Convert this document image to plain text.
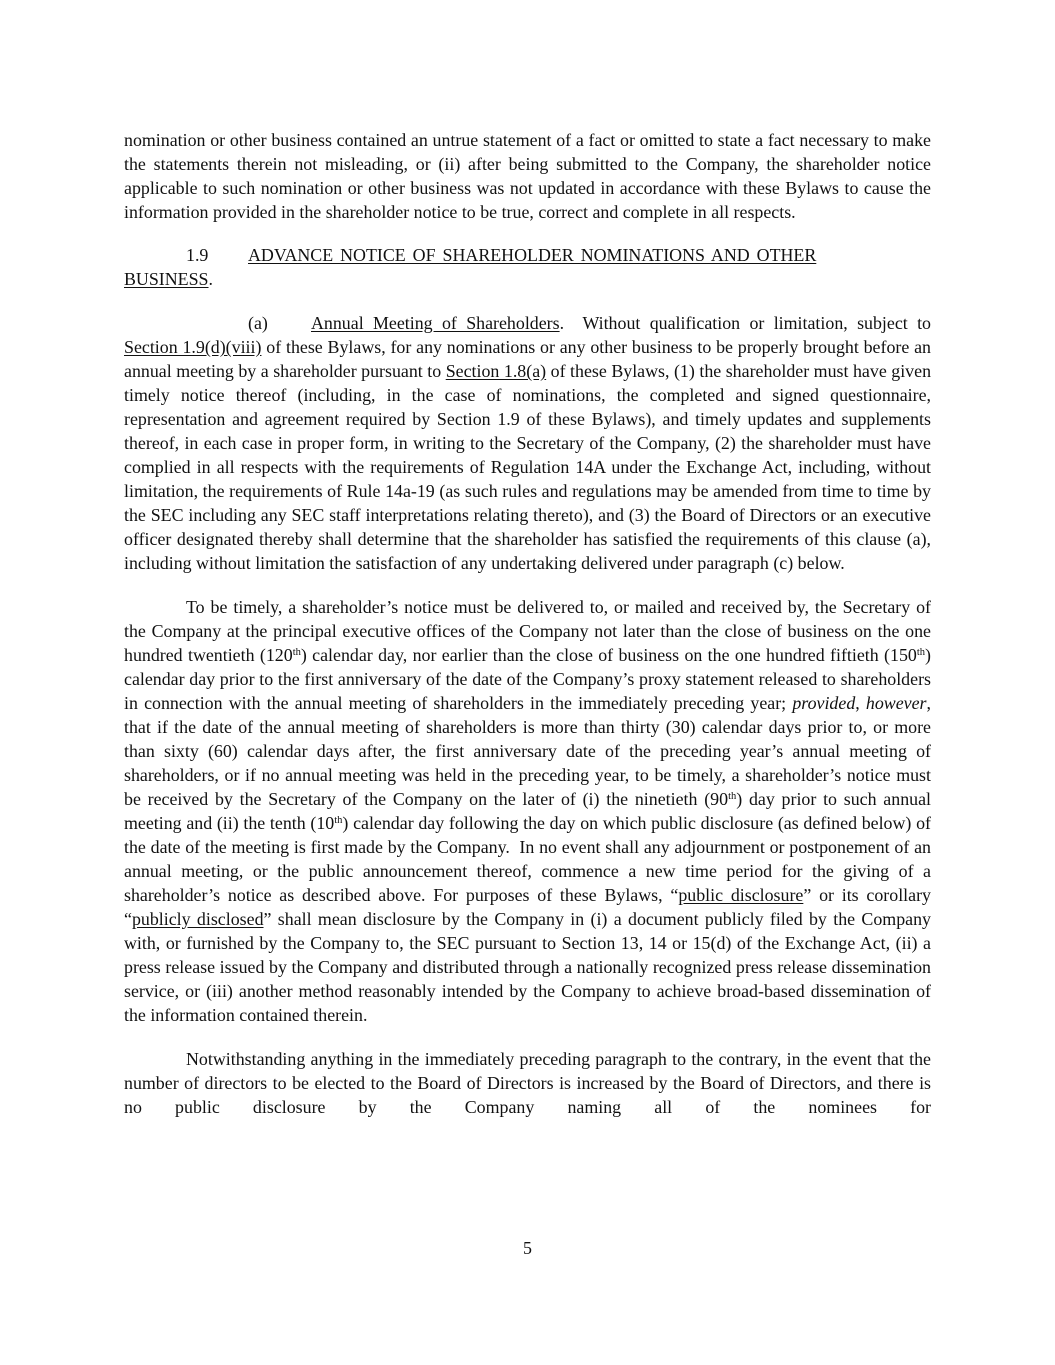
nomination or other business contained an untrue statement of a fact or omitted to state a fact necessary to make the statements therein not misleading, or (ii) after being submitted to the Company, the shareholder notice applicable to such nomination or other business was not updated in accordance with these Bylaws to cause the information provided in the shareholder notice to be true, correct and complete in all respects.

1.9 ADVANCE NOTICE OF SHAREHOLDER NOMINATIONS AND OTHER
BUSINESS.

(a) Annual Meeting of Shareholders.  Without qualification or limitation, subject to Section 1.9(d)(viii) of these Bylaws, for any nominations or any other business to be properly brought before an annual meeting by a shareholder pursuant to Section 1.8(a) of these Bylaws, (1) the shareholder must have given timely notice thereof (including, in the case of nominations, the completed and signed questionnaire, representation and agreement required by Section 1.9 of these Bylaws), and timely updates and supplements thereof, in each case in proper form, in writing to the Secretary of the Company, (2) the shareholder must have complied in all respects with the requirements of Regulation 14A under the Exchange Act, including, without limitation, the requirements of Rule 14a-19 (as such rules and regulations may be amended from time to time by the SEC including any SEC staff interpretations relating thereto), and (3) the Board of Directors or an executive officer designated thereby shall determine that the shareholder has satisfied the requirements of this clause (a), including without limitation the satisfaction of any undertaking delivered under paragraph (c) below.

To be timely, a shareholder’s notice must be delivered to, or mailed and received by, the Secretary of the Company at the principal executive offices of the Company not later than the close of business on the one hundred twentieth (120th) calendar day, nor earlier than the close of business on the one hundred fiftieth (150th) calendar day prior to the first anniversary of the date of the Company’s proxy statement released to shareholders in connection with the annual meeting of shareholders in the immediately preceding year; provided, however, that if the date of the annual meeting of shareholders is more than thirty (30) calendar days prior to, or more than sixty (60) calendar days after, the first anniversary date of the preceding year’s annual meeting of shareholders, or if no annual meeting was held in the preceding year, to be timely, a shareholder’s notice must be received by the Secretary of the Company on the later of (i) the ninetieth (90th) day prior to such annual meeting and (ii) the tenth (10th) calendar day following the day on which public disclosure (as defined below) of the date of the meeting is first made by the Company.  In no event shall any adjournment or postponement of an annual meeting, or the public announcement thereof, commence a new time period for the giving of a shareholder’s notice as described above. For purposes of these Bylaws, “public disclosure” or its corollary “publicly disclosed” shall mean disclosure by the Company in (i) a document publicly filed by the Company with, or furnished by the Company to, the SEC pursuant to Section 13, 14 or 15(d) of the Exchange Act, (ii) a press release issued by the Company and distributed through a nationally recognized press release dissemination service, or (iii) another method reasonably intended by the Company to achieve broad-based dissemination of the information contained therein.

Notwithstanding anything in the immediately preceding paragraph to the contrary, in the event that the number of directors to be elected to the Board of Directors is increased by the Board of Directors, and there is no public disclosure by the Company naming all of the nominees for

5
